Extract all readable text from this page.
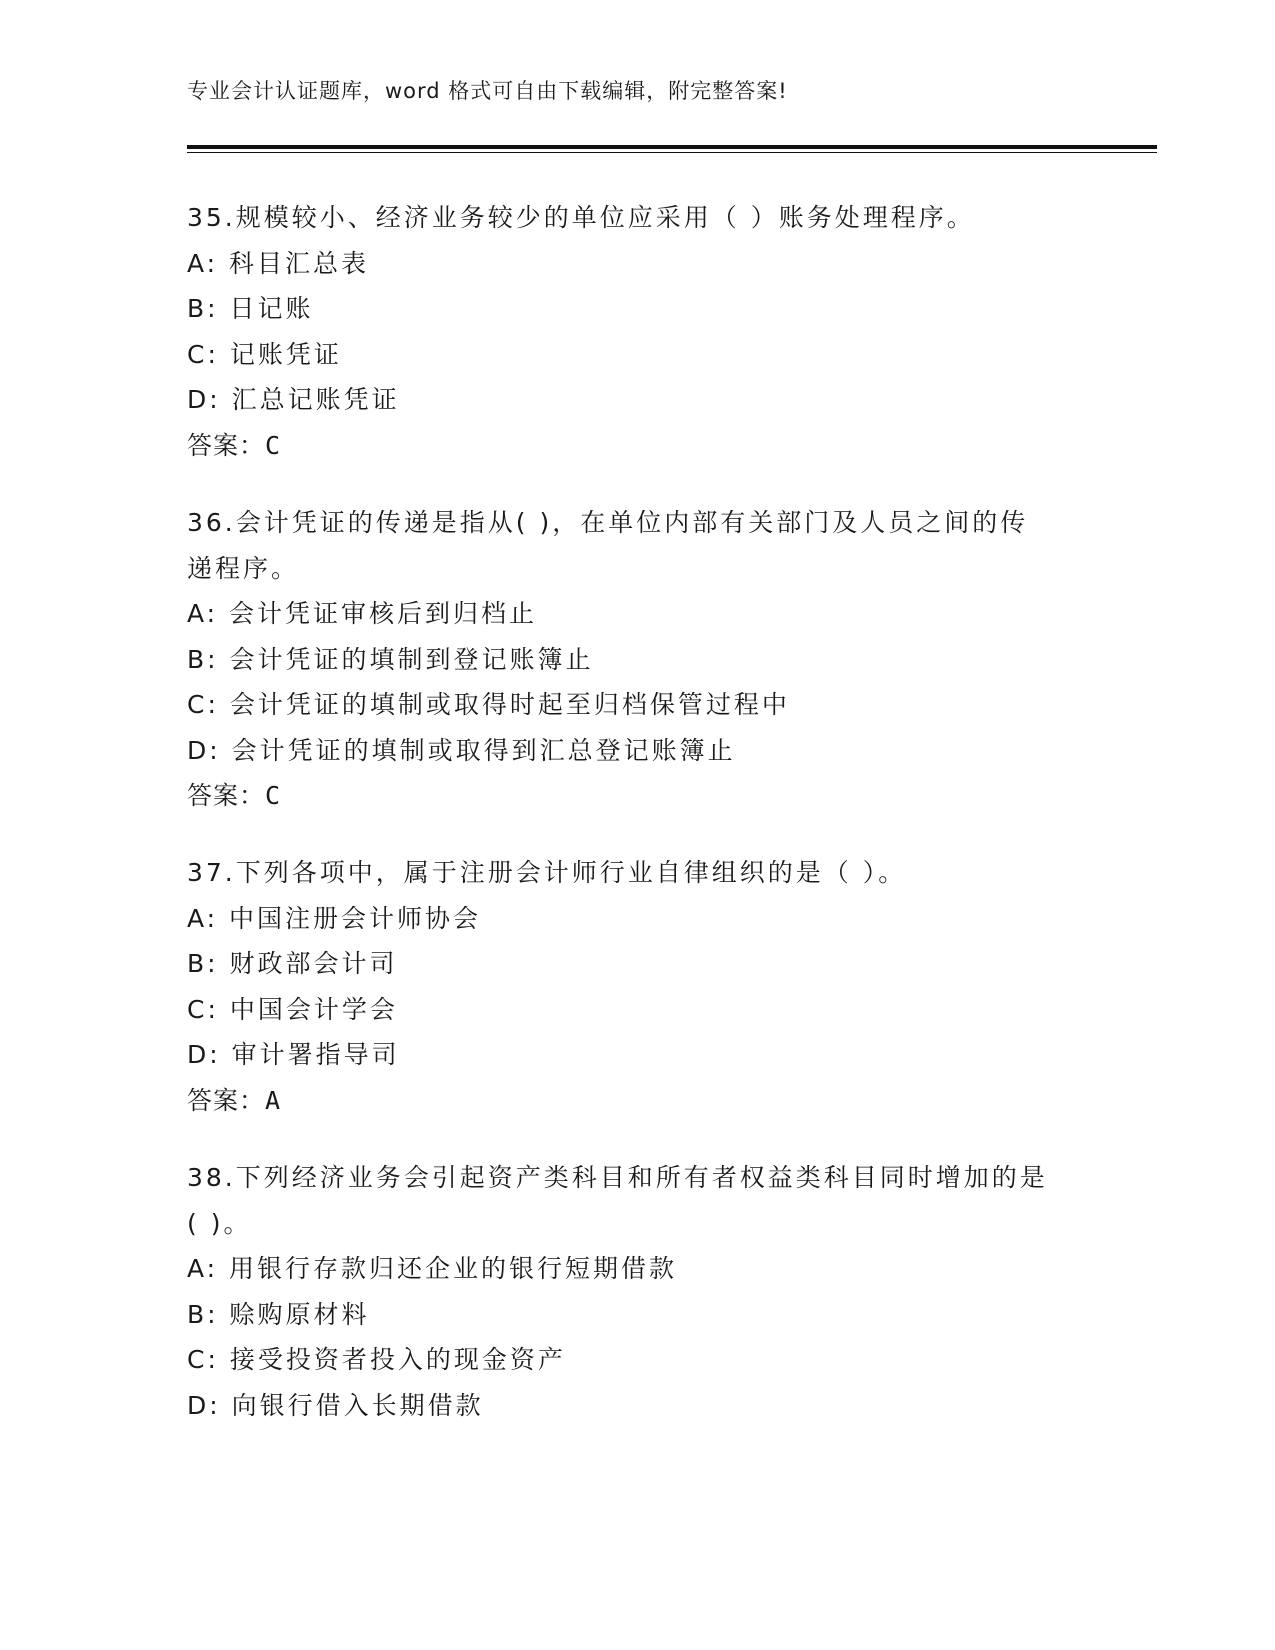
专业会计认证题库，word 格式可自由下载编辑，附完整答案!
35.规模较小、经济业务较少的单位应采用（ ）账务处理程序。
A: 科目汇总表
B: 日记账
C: 记账凭证
D: 汇总记账凭证
答案：C
36.会计凭证的传递是指从( )，在单位内部有关部门及人员之间的传
递程序。
A: 会计凭证审核后到归档止
B: 会计凭证的填制到登记账簿止
C: 会计凭证的填制或取得时起至归档保管过程中
D: 会计凭证的填制或取得到汇总登记账簿止
答案：C
37.下列各项中，属于注册会计师行业自律组织的是（ ）。
A: 中国注册会计师协会
B: 财政部会计司
C: 中国会计学会
D: 审计署指导司
答案：A
38.下列经济业务会引起资产类科目和所有者权益类科目同时增加的是
( )。
A: 用银行存款归还企业的银行短期借款
B: 赊购原材料
C: 接受投资者投入的现金资产
D: 向银行借入长期借款
